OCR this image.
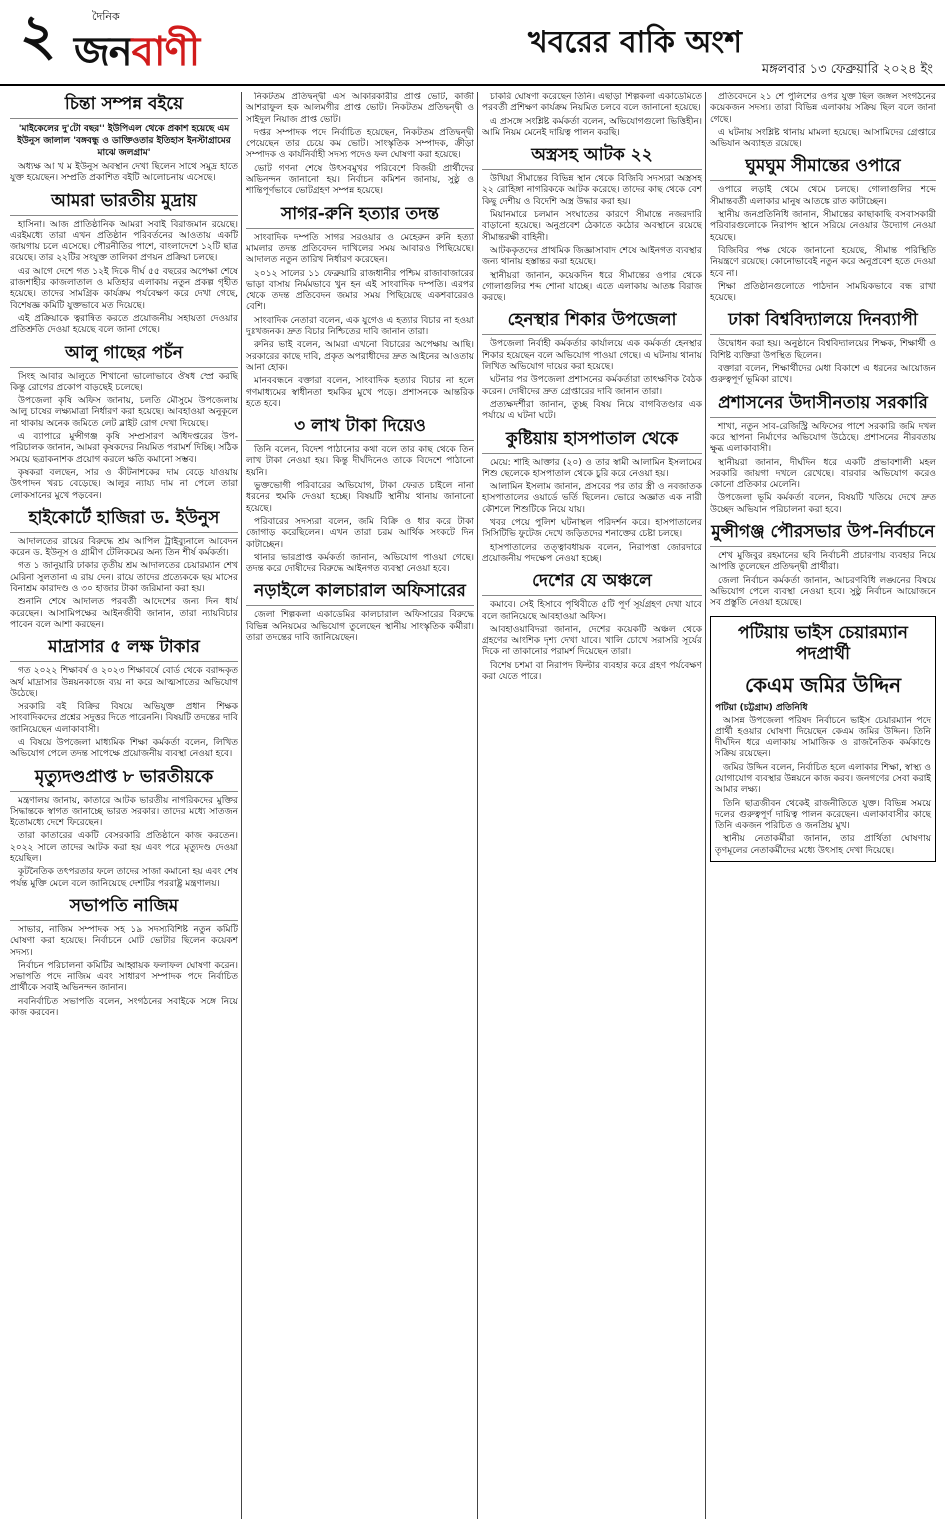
২	দৈনিক
জনবাণী	খবরের বাকি অংশ
মঙ্গলবার ১৩ ফেব্রুয়ারি ২০২৪ ইং
চিন্তা সম্পন্ন বইয়ে
'মাইকেলের দু'টো বছর'' ইউপিএল থেকে প্রকাশ হয়েছে এম ইউনুস জালাল 'বঙ্গবন্ধু ও ডাক্তিওতার ইতিহাস ইনস্টাগ্রামের মাঝে জলগ্রাম'

অধ্যক্ষ আ খ ম ইউনুস অবস্থান দেখা ছিলেন সাথে সমুদ্র হাতে যুক্ত হয়েছেন। সম্প্রতি প্রকাশিত বইটি আলোচনায় এসেছে।

আমরা ভারতীয় মুদ্রায়

হাসিনা। আজ প্রাতিষ্ঠানিক আমরা সবাই বিরাজমান রয়েছে। এরইমধ্যে তারা এখন প্রতিষ্ঠান পরিবর্তনের আওতায় একটি জায়গায় চলে এসেছে। পৌরনীতির পাশে, বাংলাদেশে ১২টি ছাত্র রয়েছে। তার ২২টির সংযুক্ত তালিকা প্রণয়ন প্রক্রিয়া চলছে।

এর আগে দেশে গত ১২ই দিকে দীর্ঘ ৫৫ বছরের অপেক্ষা শেষে রাজশাহীর কাজলাতাল ও মতিহার এলাকায় নতুন প্রকল্প গৃহীত হয়েছে। তাদের সামগ্রিক কার্যক্রম পর্যবেক্ষণ করে দেখা গেছে, বিশেষজ্ঞ কমিটি যুক্তভাবে মত দিয়েছে।

এই প্রক্রিয়াকে ত্বরান্বিত করতে প্রয়োজনীয় সহায়তা দেওয়ার প্রতিশ্রুতি দেওয়া হয়েছে বলে জানা গেছে।

আলু গাছের পচঁন

সিংহ আবার আলুতে শিখানো ভালোভাবে ঔষধ স্প্রে করছি কিন্তু রোগের প্রকোপ বাড়ছেই চলেছে।

উপজেলা কৃষি অফিস জানায়, চলতি মৌসুমে উপজেলায় আলু চাষের লক্ষ্যমাত্রা নির্ধারণ করা হয়েছে। আবহাওয়া অনুকূলে না থাকায় অনেক জমিতে লেট ব্লাইট রোগ দেখা দিয়েছে।

এ ব্যাপারে মুন্সীগঞ্জ কৃষি সম্প্রসারণ অধিদপ্তরের উপ-পরিচালক জানান, আমরা কৃষকদের নিয়মিত পরামর্শ দিচ্ছি। সঠিক সময়ে ছত্রাকনাশক প্রয়োগ করলে ক্ষতি কমানো সম্ভব।

কৃষকরা বলছেন, সার ও কীটনাশকের দাম বেড়ে যাওয়ায় উৎপাদন খরচ বেড়েছে। আলুর ন্যায্য দাম না পেলে তারা লোকসানের মুখে পড়বেন।

হাইকোর্টে হাজিরা ড. ইউনুস

আদালতের রায়ের বিরুদ্ধে শ্রম আপিল ট্রাইব্যুনালে আবেদন করেন ড. ইউনূস ও গ্রামীণ টেলিকমের অন্য তিন শীর্ষ কর্মকর্তা।

গত ১ জানুয়ারি ঢাকার তৃতীয় শ্রম আদালতের চেয়ারম্যান শেখ মেরিনা সুলতানা এ রায় দেন। রায়ে তাদের প্রত্যেককে ছয় মাসের বিনাশ্রম কারাদণ্ড ও ৩০ হাজার টাকা জরিমানা করা হয়।

শুনানি শেষে আদালত পরবর্তী আদেশের জন্য দিন ধার্য করেছেন। আসামিপক্ষের আইনজীবী জানান, তারা ন্যায়বিচার পাবেন বলে আশা করছেন।

মাদ্রাসার ৫ লক্ষ টাকার

গত ২০২২ শিক্ষাবর্ষ ও ২০২৩ শিক্ষাবর্ষে বোর্ড থেকে বরাদ্দকৃত অর্থ মাদ্রাসার উন্নয়নকাজে ব্যয় না করে আত্মসাতের অভিযোগ উঠেছে।

সরকারি বই বিক্রির বিষয়ে অভিযুক্ত প্রধান শিক্ষক সাংবাদিকদের প্রশ্নের সদুত্তর দিতে পারেননি। বিষয়টি তদন্তের দাবি জানিয়েছেন এলাকাবাসী।

এ বিষয়ে উপজেলা মাধ্যমিক শিক্ষা কর্মকর্তা বলেন, লিখিত অভিযোগ পেলে তদন্ত সাপেক্ষে প্রয়োজনীয় ব্যবস্থা নেওয়া হবে।

মৃত্যুদণ্ডপ্রাপ্ত ৮ ভারতীয়কে

মন্ত্রণালয় জানায়, কাতারে আটক ভারতীয় নাগরিকদের মুক্তির সিদ্ধান্তকে স্বাগত জানাচ্ছে ভারত সরকার। তাদের মধ্যে সাতজন ইতোমধ্যে দেশে ফিরেছেন।

তারা কাতারের একটি বেসরকারি প্রতিষ্ঠানে কাজ করতেন। ২০২২ সালে তাদের আটক করা হয় এবং পরে মৃত্যুদণ্ড দেওয়া হয়েছিল।

কূটনৈতিক তৎপরতার ফলে তাদের সাজা কমানো হয় এবং শেষ পর্যন্ত মুক্তি মেলে বলে জানিয়েছে দেশটির পররাষ্ট্র মন্ত্রণালয়।

সভাপতি নাজিম

সাভার, নাজিম সম্পাদক সহ ১৯ সদস্যবিশিষ্ট নতুন কমিটি ঘোষণা করা হয়েছে। নির্বাচনে মোট ভোটার ছিলেন কয়েকশ সদস্য।

নির্বাচন পরিচালনা কমিটির আহ্বায়ক ফলাফল ঘোষণা করেন। সভাপতি পদে নাজিম এবং সাধারণ সম্পাদক পদে নির্বাচিত প্রার্থীকে সবাই অভিনন্দন জানান।

নবনির্বাচিত সভাপতি বলেন, সংগঠনের সবাইকে সঙ্গে নিয়ে কাজ করবেন।

নিকটতম প্রতিদ্বন্দ্বী এস আকারকারীর প্রাপ্ত ভোট, কাজী আশরাফুল হক আলমগীর প্রাপ্ত ভোট। নিকটতম প্রতিদ্বন্দ্বী ও সাইদুল নিয়াজ প্রাপ্ত ভোট।

দপ্তর সম্পাদক পদে নির্বাচিত হয়েছেন, নিকটতম প্রতিদ্বন্দ্বী পেয়েছেন তার চেয়ে কম ভোট। সাংস্কৃতিক সম্পাদক, ক্রীড়া সম্পাদক ও কার্যনির্বাহী সদস্য পদেও ফল ঘোষণা করা হয়েছে।

ভোট গণনা শেষে উৎসবমুখর পরিবেশে বিজয়ী প্রার্থীদের অভিনন্দন জানানো হয়। নির্বাচন কমিশন জানায়, সুষ্ঠু ও শান্তিপূর্ণভাবে ভোটগ্রহণ সম্পন্ন হয়েছে।

সাগর-রুনি হত্যার তদন্ত

সাংবাদিক দম্পতি সাগর সরওয়ার ও মেহেরুন রুনি হত্যা মামলার তদন্ত প্রতিবেদন দাখিলের সময় আবারও পিছিয়েছে। আদালত নতুন তারিখ নির্ধারণ করেছেন।

২০১২ সালের ১১ ফেব্রুয়ারি রাজধানীর পশ্চিম রাজাবাজারের ভাড়া বাসায় নির্মমভাবে খুন হন এই সাংবাদিক দম্পতি। এরপর থেকে তদন্ত প্রতিবেদন জমার সময় পিছিয়েছে একশবারেরও বেশি।

সাংবাদিক নেতারা বলেন, এক যুগেও এ হত্যার বিচার না হওয়া দুঃখজনক। দ্রুত বিচার নিশ্চিতের দাবি জানান তারা।

রুনির ভাই বলেন, আমরা এখনো বিচারের অপেক্ষায় আছি। সরকারের কাছে দাবি, প্রকৃত অপরাধীদের দ্রুত আইনের আওতায় আনা হোক।

মানববন্ধনে বক্তারা বলেন, সাংবাদিক হত্যার বিচার না হলে গণমাধ্যমের স্বাধীনতা হুমকির মুখে পড়ে। প্রশাসনকে আন্তরিক হতে হবে।

৩ লাখ টাকা দিয়েও

তিনি বলেন, বিদেশ পাঠানোর কথা বলে তার কাছ থেকে তিন লাখ টাকা নেওয়া হয়। কিন্তু দীর্ঘদিনেও তাকে বিদেশে পাঠানো হয়নি।

ভুক্তভোগী পরিবারের অভিযোগ, টাকা ফেরত চাইলে নানা ধরনের হুমকি দেওয়া হচ্ছে। বিষয়টি স্থানীয় থানায় জানানো হয়েছে।

পরিবারের সদস্যরা বলেন, জমি বিক্রি ও ধার করে টাকা জোগাড় করেছিলেন। এখন তারা চরম আর্থিক সংকটে দিন কাটাচ্ছেন।

থানার ভারপ্রাপ্ত কর্মকর্তা জানান, অভিযোগ পাওয়া গেছে। তদন্ত করে দোষীদের বিরুদ্ধে আইনগত ব্যবস্থা নেওয়া হবে।

নড়াইলে কালচারাল অফিসারের

জেলা শিল্পকলা একাডেমির কালচারাল অফিসারের বিরুদ্ধে বিভিন্ন অনিয়মের অভিযোগ তুলেছেন স্থানীয় সাংস্কৃতিক কর্মীরা। তারা তদন্তের দাবি জানিয়েছেন।

চাকরি ঘোষণা করেছেন তিনি। এছাড়া শিল্পকলা একাডেমিতে পরবর্তী প্রশিক্ষণ কার্যক্রম নিয়মিত চলবে বলে জানানো হয়েছে।

এ প্রসঙ্গে সংশ্লিষ্ট কর্মকর্তা বলেন, অভিযোগগুলো ভিত্তিহীন। আমি নিয়ম মেনেই দায়িত্ব পালন করছি।

অস্ত্রসহ আটক ২২

উখিয়া সীমান্তের বিভিন্ন স্থান থেকে বিজিবি সদস্যরা অস্ত্রসহ ২২ রোহিঙ্গা নাগরিককে আটক করেছে। তাদের কাছ থেকে বেশ কিছু দেশীয় ও বিদেশি অস্ত্র উদ্ধার করা হয়।

মিয়ানমারে চলমান সংঘাতের কারণে সীমান্তে নজরদারি বাড়ানো হয়েছে। অনুপ্রবেশ ঠেকাতে কঠোর অবস্থানে রয়েছে সীমান্তরক্ষী বাহিনী।

আটককৃতদের প্রাথমিক জিজ্ঞাসাবাদ শেষে আইনগত ব্যবস্থার জন্য থানায় হস্তান্তর করা হয়েছে।

স্থানীয়রা জানান, কয়েকদিন ধরে সীমান্তের ওপার থেকে গোলাগুলির শব্দ শোনা যাচ্ছে। এতে এলাকায় আতঙ্ক বিরাজ করছে।

হেনস্থার শিকার উপজেলা

উপজেলা নির্বাহী কর্মকর্তার কার্যালয়ে এক কর্মকর্তা হেনস্থার শিকার হয়েছেন বলে অভিযোগ পাওয়া গেছে। এ ঘটনায় থানায় লিখিত অভিযোগ দায়ের করা হয়েছে।

ঘটনার পর উপজেলা প্রশাসনের কর্মকর্তারা তাৎক্ষণিক বৈঠক করেন। দোষীদের দ্রুত গ্রেপ্তারের দাবি জানান তারা।

প্রত্যক্ষদর্শীরা জানান, তুচ্ছ বিষয় নিয়ে বাগবিতণ্ডার এক পর্যায়ে এ ঘটনা ঘটে।

কুষ্টিয়ায় হাসপাতাল থেকে

মেয়ে: শাহি আক্তার (২০) ও তার স্বামী আলামিন ইসলামের শিশু ছেলেকে হাসপাতাল থেকে চুরি করে নেওয়া হয়।

আলামিন ইসলাম জানান, প্রসবের পর তার স্ত্রী ও নবজাতক হাসপাতালের ওয়ার্ডে ভর্তি ছিলেন। ভোরে অজ্ঞাত এক নারী কৌশলে শিশুটিকে নিয়ে যায়।

খবর পেয়ে পুলিশ ঘটনাস্থল পরিদর্শন করে। হাসপাতালের সিসিটিভি ফুটেজ দেখে জড়িতদের শনাক্তের চেষ্টা চলছে।

হাসপাতালের তত্ত্বাবধায়ক বলেন, নিরাপত্তা জোরদারে প্রয়োজনীয় পদক্ষেপ নেওয়া হচ্ছে।

দেশের যে অঞ্চলে

কমাবে। সেই হিসাবে পৃথিবীতে ৫টি পূর্ণ সূর্যগ্রহণ দেখা যাবে বলে জানিয়েছে আবহাওয়া অফিস।

আবহাওয়াবিদরা জানান, দেশের কয়েকটি অঞ্চল থেকে গ্রহণের আংশিক দৃশ্য দেখা যাবে। খালি চোখে সরাসরি সূর্যের দিকে না তাকানোর পরামর্শ দিয়েছেন তারা।

বিশেষ চশমা বা নিরাপদ ফিল্টার ব্যবহার করে গ্রহণ পর্যবেক্ষণ করা যেতে পারে।

প্রতিবেদনে ২১ শে পুলিশের ওপর যুক্ত ছিল জঙ্গল সংগঠনের কয়েকজন সদস্য। তারা বিভিন্ন এলাকায় সক্রিয় ছিল বলে জানা গেছে।

এ ঘটনায় সংশ্লিষ্ট থানায় মামলা হয়েছে। আসামিদের গ্রেপ্তারে অভিযান অব্যাহত রয়েছে।

ঘুমঘুম সীমান্তের ওপারে

ওপারে লড়াই থেমে থেমে চলছে। গোলাগুলির শব্দে সীমান্তবর্তী এলাকার মানুষ আতঙ্কে রাত কাটাচ্ছেন।

স্থানীয় জনপ্রতিনিধি জানান, সীমান্তের কাছাকাছি বসবাসকারী পরিবারগুলোকে নিরাপদ স্থানে সরিয়ে নেওয়ার উদ্যোগ নেওয়া হয়েছে।

বিজিবির পক্ষ থেকে জানানো হয়েছে, সীমান্ত পরিস্থিতি নিয়ন্ত্রণে রয়েছে। কোনোভাবেই নতুন করে অনুপ্রবেশ হতে দেওয়া হবে না।

শিক্ষা প্রতিষ্ঠানগুলোতে পাঠদান সাময়িকভাবে বন্ধ রাখা হয়েছে।

ঢাকা বিশ্ববিদ্যালয়ে দিনব্যাপী

উদ্বোধন করা হয়। অনুষ্ঠানে বিশ্ববিদ্যালয়ের শিক্ষক, শিক্ষার্থী ও বিশিষ্ট ব্যক্তিরা উপস্থিত ছিলেন।

বক্তারা বলেন, শিক্ষার্থীদের মেধা বিকাশে এ ধরনের আয়োজন গুরুত্বপূর্ণ ভূমিকা রাখে।

প্রশাসনের উদাসীনতায় সরকারি

শাখা, নতুন সাব-রেজিস্ট্রি অফিসের পাশে সরকারি জমি দখল করে স্থাপনা নির্মাণের অভিযোগ উঠেছে। প্রশাসনের নীরবতায় ক্ষুব্ধ এলাকাবাসী।

স্থানীয়রা জানান, দীর্ঘদিন ধরে একটি প্রভাবশালী মহল সরকারি জায়গা দখলে রেখেছে। বারবার অভিযোগ করেও কোনো প্রতিকার মেলেনি।

উপজেলা ভূমি কর্মকর্তা বলেন, বিষয়টি খতিয়ে দেখে দ্রুত উচ্ছেদ অভিযান পরিচালনা করা হবে।

মুন্সীগঞ্জ পৌরসভার উপ-নির্বাচনে

শেখ মুজিবুর রহমানের ছবি নির্বাচনী প্রচারণায় ব্যবহার নিয়ে আপত্তি তুলেছেন প্রতিদ্বন্দ্বী প্রার্থীরা।

জেলা নির্বাচন কর্মকর্তা জানান, আচরণবিধি লঙ্ঘনের বিষয়ে অভিযোগ পেলে ব্যবস্থা নেওয়া হবে। সুষ্ঠু নির্বাচন আয়োজনে সব প্রস্তুতি নেওয়া হয়েছে।

পটিয়ায় ভাইস চেয়ারম্যান পদপ্রার্থী
কেএম জমির উদ্দিন
পটিয়া (চট্টগ্রাম) প্রতিনিধি

আসন্ন উপজেলা পরিষদ নির্বাচনে ভাইস চেয়ারম্যান পদে প্রার্থী হওয়ার ঘোষণা দিয়েছেন কেএম জমির উদ্দিন। তিনি দীর্ঘদিন ধরে এলাকায় সামাজিক ও রাজনৈতিক কর্মকাণ্ডে সক্রিয় রয়েছেন।

জমির উদ্দিন বলেন, নির্বাচিত হলে এলাকার শিক্ষা, স্বাস্থ্য ও যোগাযোগ ব্যবস্থার উন্নয়নে কাজ করব। জনগণের সেবা করাই আমার লক্ষ্য।

তিনি ছাত্রজীবন থেকেই রাজনীতিতে যুক্ত। বিভিন্ন সময়ে দলের গুরুত্বপূর্ণ দায়িত্ব পালন করেছেন। এলাকাবাসীর কাছে তিনি একজন পরিচিত ও জনপ্রিয় মুখ।

স্থানীয় নেতাকর্মীরা জানান, তার প্রার্থিতা ঘোষণায় তৃণমূলের নেতাকর্মীদের মধ্যে উৎসাহ দেখা দিয়েছে।
